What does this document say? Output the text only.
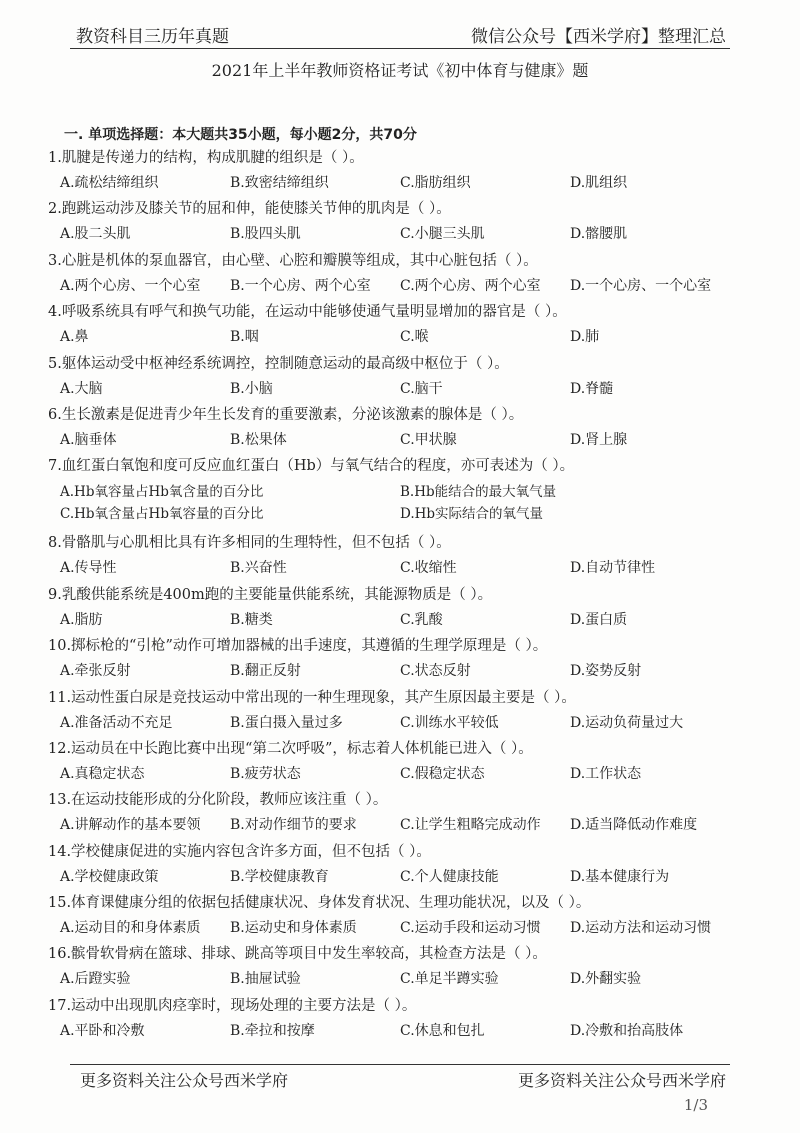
教资科目三历年真题	微信公众号【西米学府】整理汇总
2021年上半年教师资格证考试《初中体育与健康》题
一. 单项选择题：本大题共35小题，每小题2分，共70分
1.肌腱是传递力的结构，构成肌腱的组织是（ ）。
A.疏松结缔组织	B.致密结缔组织	C.脂肪组织	D.肌组织
2.跑跳运动涉及膝关节的屈和伸，能使膝关节伸的肌肉是（ ）。
A.股二头肌	B.股四头肌	C.小腿三头肌	D.髂腰肌
3.心脏是机体的泵血器官，由心壁、心腔和瓣膜等组成，其中心脏包括（ ）。
A.两个心房、一个心室 B.一个心房、两个心室 C.两个心房、两个心室 D.一个心房、一个心室
4.呼吸系统具有呼气和换气功能，在运动中能够使通气量明显增加的器官是（ ）。
A.鼻	B.咽	C.喉	D.肺
5.躯体运动受中枢神经系统调控，控制随意运动的最高级中枢位于（ ）。
A.大脑	B.小脑	C.脑干	D.脊髓
6.生长激素是促进青少年生长发育的重要激素，分泌该激素的腺体是（ ）。
A.脑垂体	B.松果体	C.甲状腺	D.肾上腺
7.血红蛋白氧饱和度可反应血红蛋白（Hb）与氧气结合的程度，亦可表述为（ ）。
A.Hb氧容量占Hb氧含量的百分比	B.Hb能结合的最大氧气量
C.Hb氧含量占Hb氧容量的百分比	D.Hb实际结合的氧气量
8.骨骼肌与心肌相比具有许多相同的生理特性，但不包括（ ）。
A.传导性	B.兴奋性	C.收缩性	D.自动节律性
9.乳酸供能系统是400m跑的主要能量供能系统，其能源物质是（ ）。
A.脂肪	B.糖类	C.乳酸	D.蛋白质
10.掷标枪的“引枪”动作可增加器械的出手速度，其遵循的生理学原理是（ ）。
A.牵张反射	B.翻正反射	C.状态反射	D.姿势反射
11.运动性蛋白尿是竞技运动中常出现的一种生理现象，其产生原因最主要是（ ）。
A.准备活动不充足	B.蛋白摄入量过多	C.训练水平较低	D.运动负荷量过大
12.运动员在中长跑比赛中出现“第二次呼吸”，标志着人体机能已进入（ ）。
A.真稳定状态	B.疲劳状态	C.假稳定状态	D.工作状态
13.在运动技能形成的分化阶段，教师应该注重（ ）。
A.讲解动作的基本要领 B.对动作细节的要求	C.让学生粗略完成动作 D.适当降低动作难度
14.学校健康促进的实施内容包含许多方面，但不包括（ ）。
A.学校健康政策	B.学校健康教育	C.个人健康技能	D.基本健康行为
15.体育课健康分组的依据包括健康状况、身体发育状况、生理功能状况，以及（ ）。
A.运动目的和身体素质 B.运动史和身体素质	C.运动手段和运动习惯 D.运动方法和运动习惯
16.髌骨软骨病在篮球、排球、跳高等项目中发生率较高，其检查方法是（ ）。
A.后蹬实验	B.抽屉试验	C.单足半蹲实验	D.外翻实验
17.运动中出现肌肉痉挛时，现场处理的主要方法是（ ）。
A.平卧和冷敷	B.牵拉和按摩	C.休息和包扎	D.冷敷和抬高肢体
更多资料关注公众号西米学府	更多资料关注公众号西米学府
1/3
